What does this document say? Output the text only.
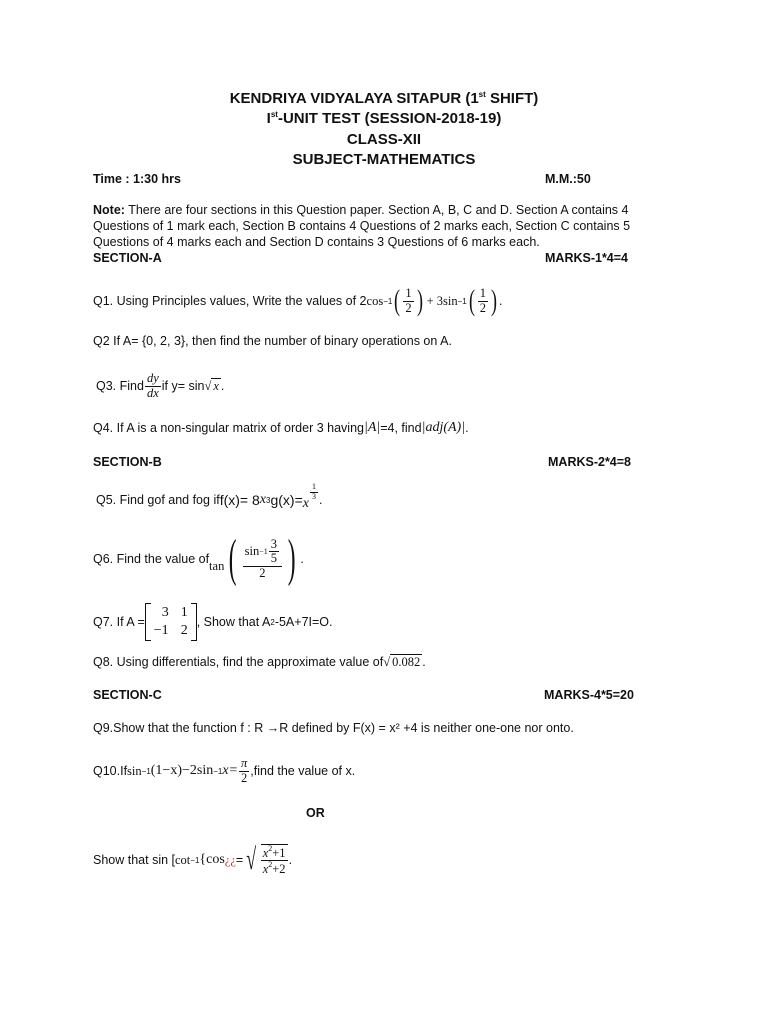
KENDRIYA VIDYALAYA SITAPUR (1st SHIFT)
Ist-UNIT TEST (SESSION-2018-19)
CLASS-XII
SUBJECT-MATHEMATICS
Time : 1:30 hrs	M.M.:50
Note: There are four sections in this Question paper. Section A, B, C and D. Section A contains 4 Questions of 1 mark each, Section B contains 4 Questions of 2 marks each, Section C contains 5 Questions of 4 marks each and Section D contains 3 Questions of 6 marks each.
SECTION-A	MARKS-1*4=4
Q1. Using Principles values, Write the values of 2 cos −1 ( $\frac{1}{2}$ ) + 3sin −1 ( $\frac{1}{2}$ ) .
Q2 If A= {0, 2, 3}, then find the number of binary operations on A.
Q3. Find $\frac{dy}{dx}$ if y= sin √ x .
Q4. If A is a non-singular matrix of order 3 having |A| =4, find |adj(A)| .
SECTION-B	MARKS-2*4=8
Q5. Find gof and fog if f(x)= 8 x 3 g(x)= x
$\frac{1}{3}$ .
Q6. Find the value of tan ( $\frac{\sin -1 \frac{3}{5}}{2}$ ) .
Q7. If A =
3 1
−1 2
, Show that A 2 -5A+7I=O.
Q8. Using differentials, find the approximate value of √ 0.082 .
SECTION-C	MARKS-4*5=20
Q9.Show that the function f : R →R defined by F(x) = x² +4 is neither one-one nor onto.
Q10.If sin −1 (1−x)−2sin −1 $x= \frac{\pi}{2}$ ,find the value of x.
OR
Show that sin [ cot −1 {cos ¿¿ = √ $\frac{x^2+1}{x^2+2}$ .
